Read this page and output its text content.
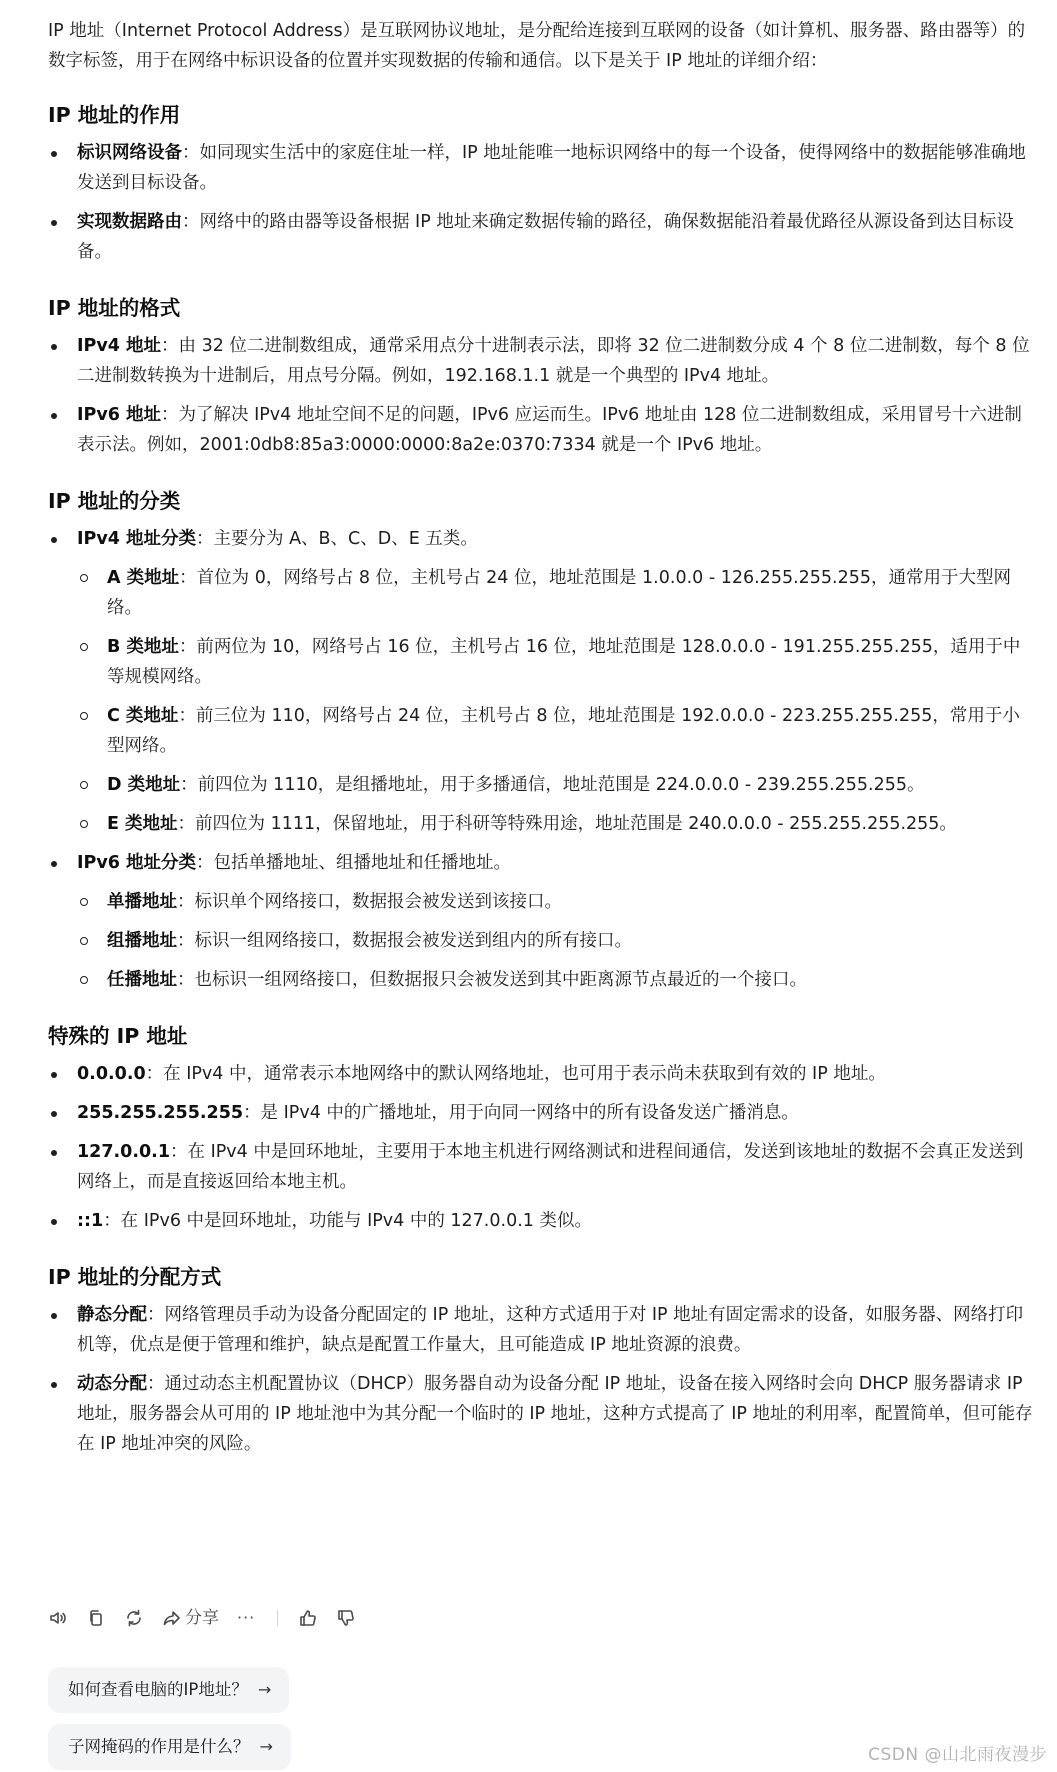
IP 地址（Internet Protocol Address）是互联网协议地址，是分配给连接到互联网的设备（如计算机、服务器、路由器等）的数字标签，用于在网络中标识设备的位置并实现数据的传输和通信。以下是关于 IP 地址的详细介绍：

IP 地址的作用
标识网络设备：如同现实生活中的家庭住址一样，IP 地址能唯一地标识网络中的每一个设备，使得网络中的数据能够准确地发送到目标设备。
实现数据路由：网络中的路由器等设备根据 IP 地址来确定数据传输的路径，确保数据能沿着最优路径从源设备到达目标设备。
IP 地址的格式
IPv4 地址：由 32 位二进制数组成，通常采用点分十进制表示法，即将 32 位二进制数分成 4 个 8 位二进制数，每个 8 位二进制数转换为十进制后，用点号分隔。例如，192.168.1.1 就是一个典型的 IPv4 地址。
IPv6 地址：为了解决 IPv4 地址空间不足的问题，IPv6 应运而生。IPv6 地址由 128 位二进制数组成，采用冒号十六进制表示法。例如，2001:0db8:85a3:0000:0000:8a2e:0370:7334 就是一个 IPv6 地址。
IP 地址的分类
IPv4 地址分类：主要分为 A、B、C、D、E 五类。
A 类地址：首位为 0，网络号占 8 位，主机号占 24 位，地址范围是 1.0.0.0 - 126.255.255.255，通常用于大型网络。
B 类地址：前两位为 10，网络号占 16 位，主机号占 16 位，地址范围是 128.0.0.0 - 191.255.255.255，适用于中等规模网络。
C 类地址：前三位为 110，网络号占 24 位，主机号占 8 位，地址范围是 192.0.0.0 - 223.255.255.255，常用于小型网络。
D 类地址：前四位为 1110，是组播地址，用于多播通信，地址范围是 224.0.0.0 - 239.255.255.255。
E 类地址：前四位为 1111，保留地址，用于科研等特殊用途，地址范围是 240.0.0.0 - 255.255.255.255。
IPv6 地址分类：包括单播地址、组播地址和任播地址。
单播地址：标识单个网络接口，数据报会被发送到该接口。
组播地址：标识一组网络接口，数据报会被发送到组内的所有接口。
任播地址：也标识一组网络接口，但数据报只会被发送到其中距离源节点最近的一个接口。
特殊的 IP 地址
0.0.0.0：在 IPv4 中，通常表示本地网络中的默认网络地址，也可用于表示尚未获取到有效的 IP 地址。
255.255.255.255：是 IPv4 中的广播地址，用于向同一网络中的所有设备发送广播消息。
127.0.0.1：在 IPv4 中是回环地址，主要用于本地主机进行网络测试和进程间通信，发送到该地址的数据不会真正发送到网络上，而是直接返回给本地主机。
::1：在 IPv6 中是回环地址，功能与 IPv4 中的 127.0.0.1 类似。
IP 地址的分配方式
静态分配：网络管理员手动为设备分配固定的 IP 地址，这种方式适用于对 IP 地址有固定需求的设备，如服务器、网络打印机等，优点是便于管理和维护，缺点是配置工作量大，且可能造成 IP 地址资源的浪费。
动态分配：通过动态主机配置协议（DHCP）服务器自动为设备分配 IP 地址，设备在接入网络时会向 DHCP 服务器请求 IP 地址，服务器会从可用的 IP 地址池中为其分配一个临时的 IP 地址，这种方式提高了 IP 地址的利用率，配置简单，但可能存在 IP 地址冲突的风险。
分享 ···
如何查看电脑的IP地址？ →
子网掩码的作用是什么？ →	CSDN @山北雨夜漫步
